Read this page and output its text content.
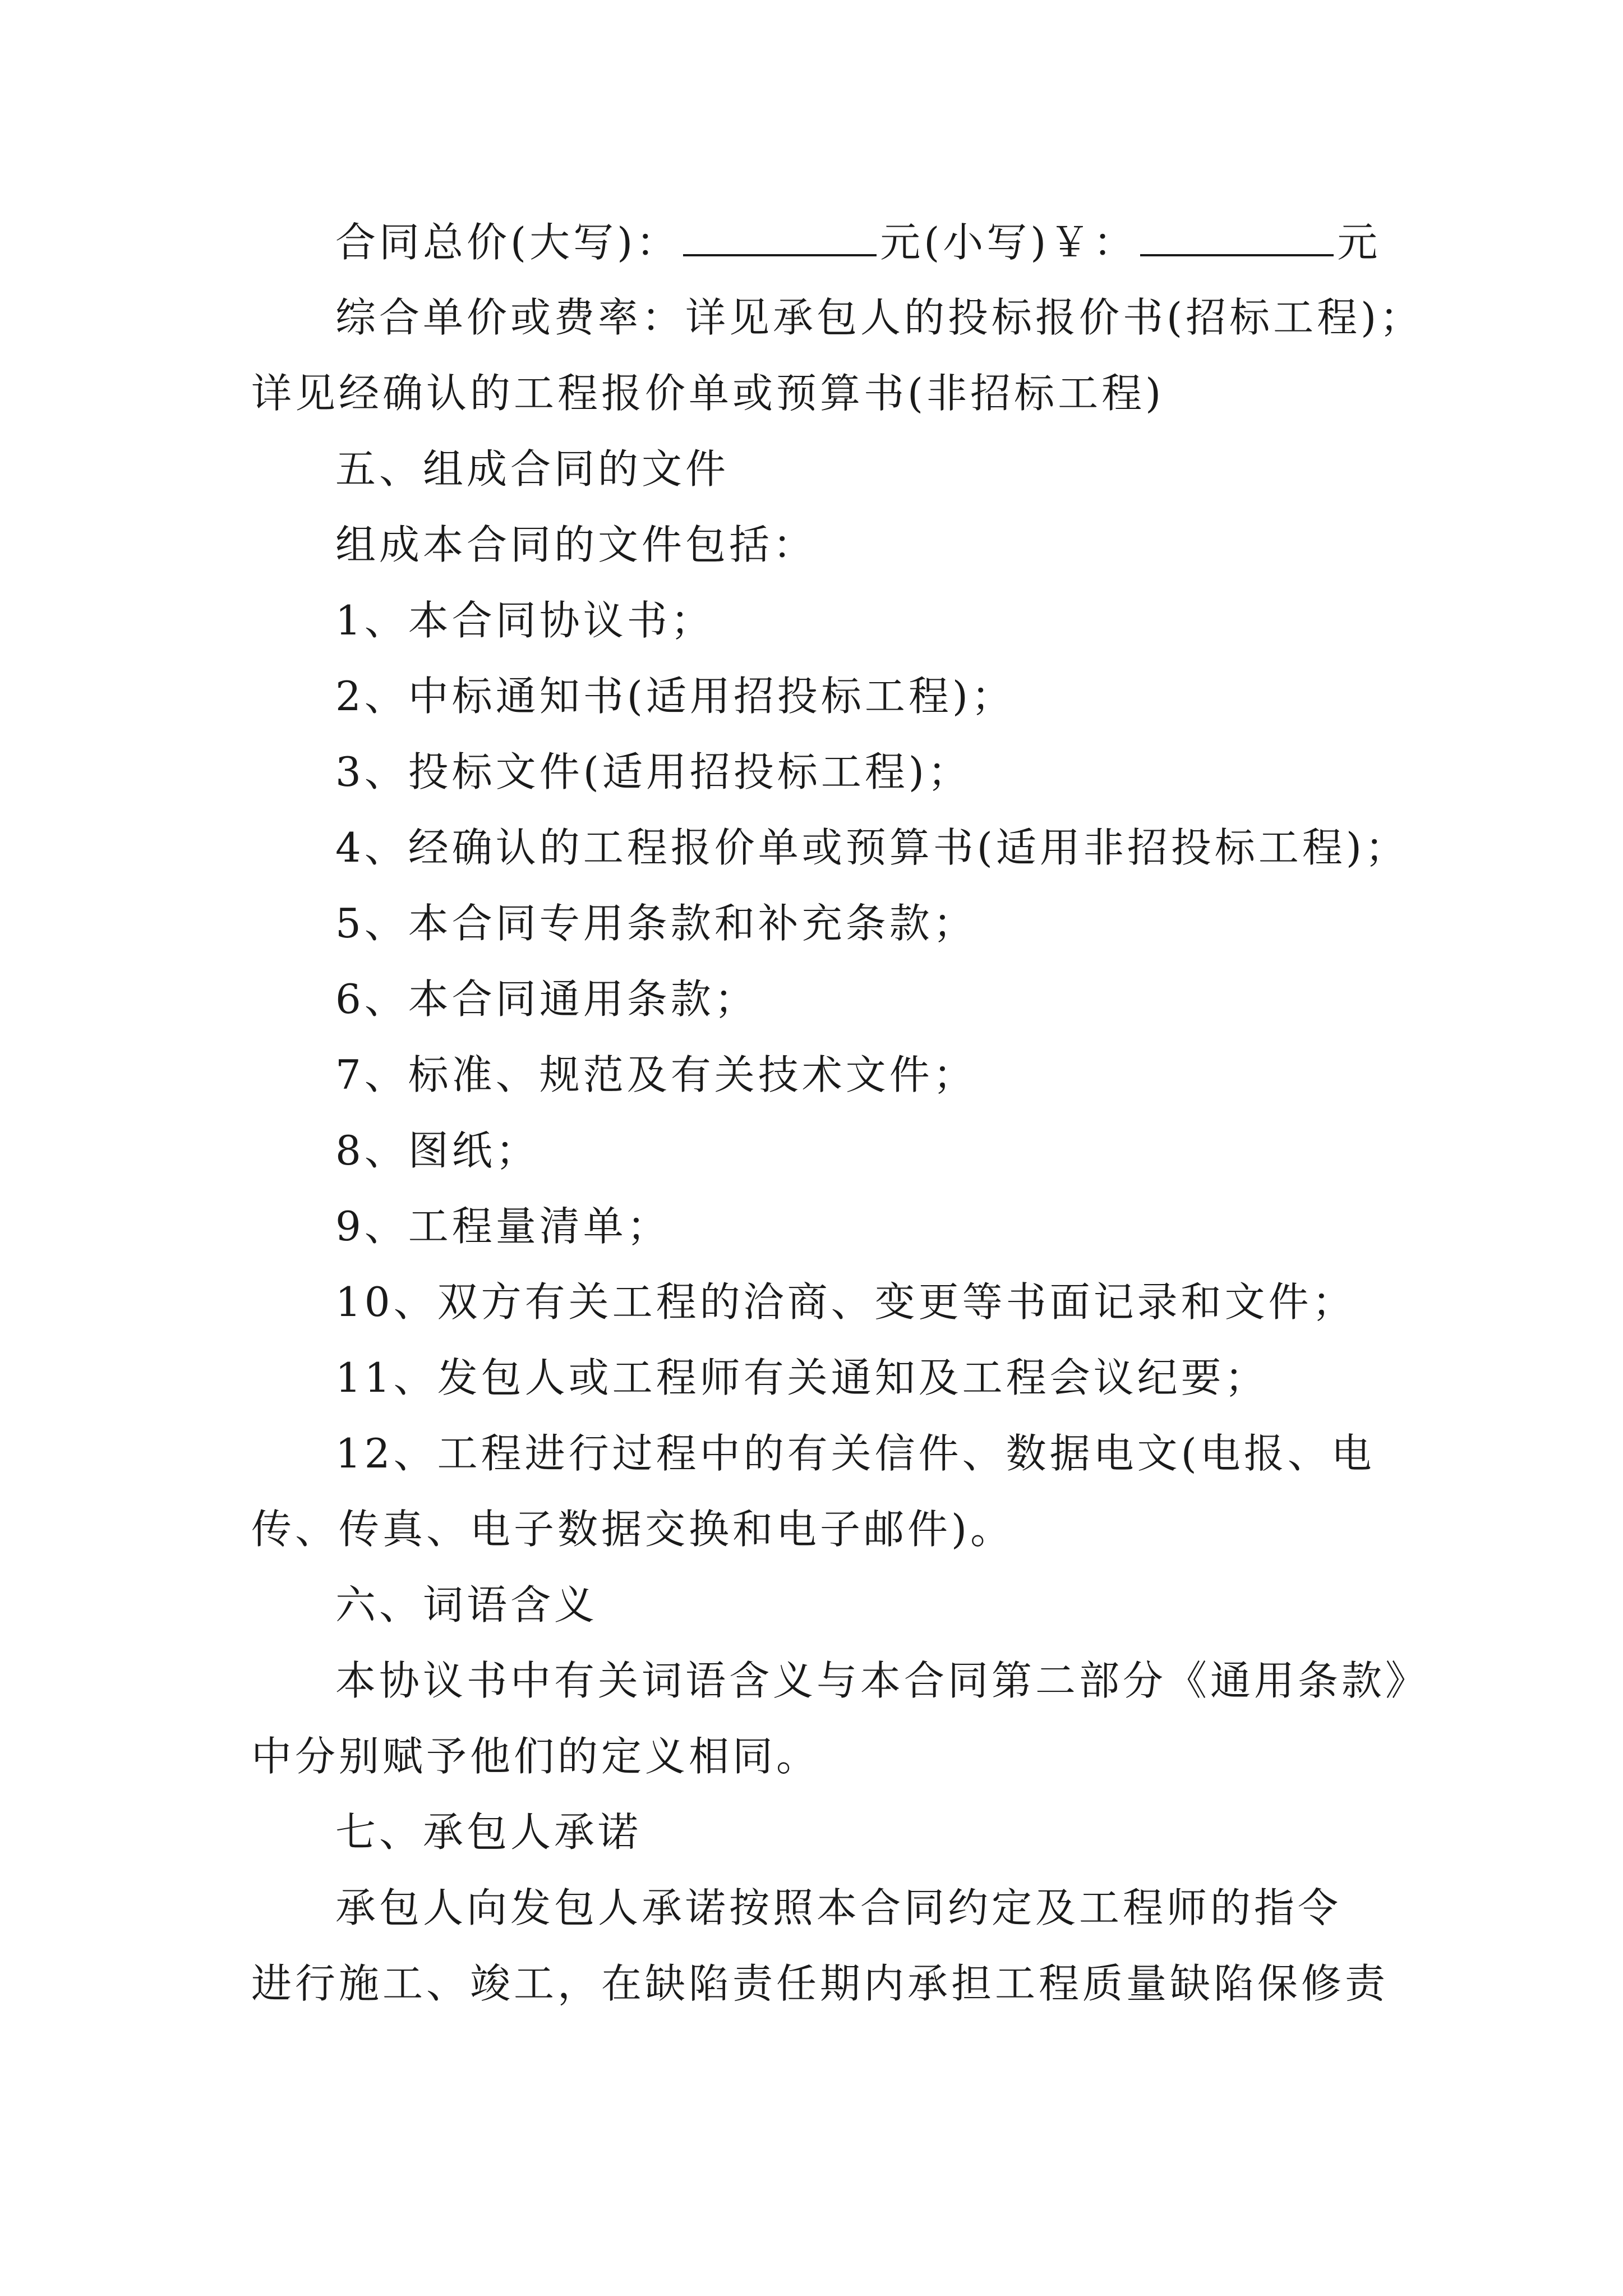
合同总价(大写)：	元(小写)￥：	元
综合单价或费率：详见承包人的投标报价书(招标工程)；
详见经确认的工程报价单或预算书(非招标工程)
五、组成合同的文件
组成本合同的文件包括：
1、本合同协议书；
2、中标通知书(适用招投标工程)；
3、投标文件(适用招投标工程)；
4、经确认的工程报价单或预算书(适用非招投标工程)；
5、本合同专用条款和补充条款；
6、本合同通用条款；
7、标准、规范及有关技术文件；
8、图纸；
9、工程量清单；
10、双方有关工程的洽商、变更等书面记录和文件；
11、发包人或工程师有关通知及工程会议纪要；
12、工程进行过程中的有关信件、数据电文(电报、电
传、传真、电子数据交换和电子邮件)。
六、词语含义
本协议书中有关词语含义与本合同第二部分《通用条款》
中分别赋予他们的定义相同。
七、承包人承诺
承包人向发包人承诺按照本合同约定及工程师的指令
进行施工、竣工，在缺陷责任期内承担工程质量缺陷保修责
